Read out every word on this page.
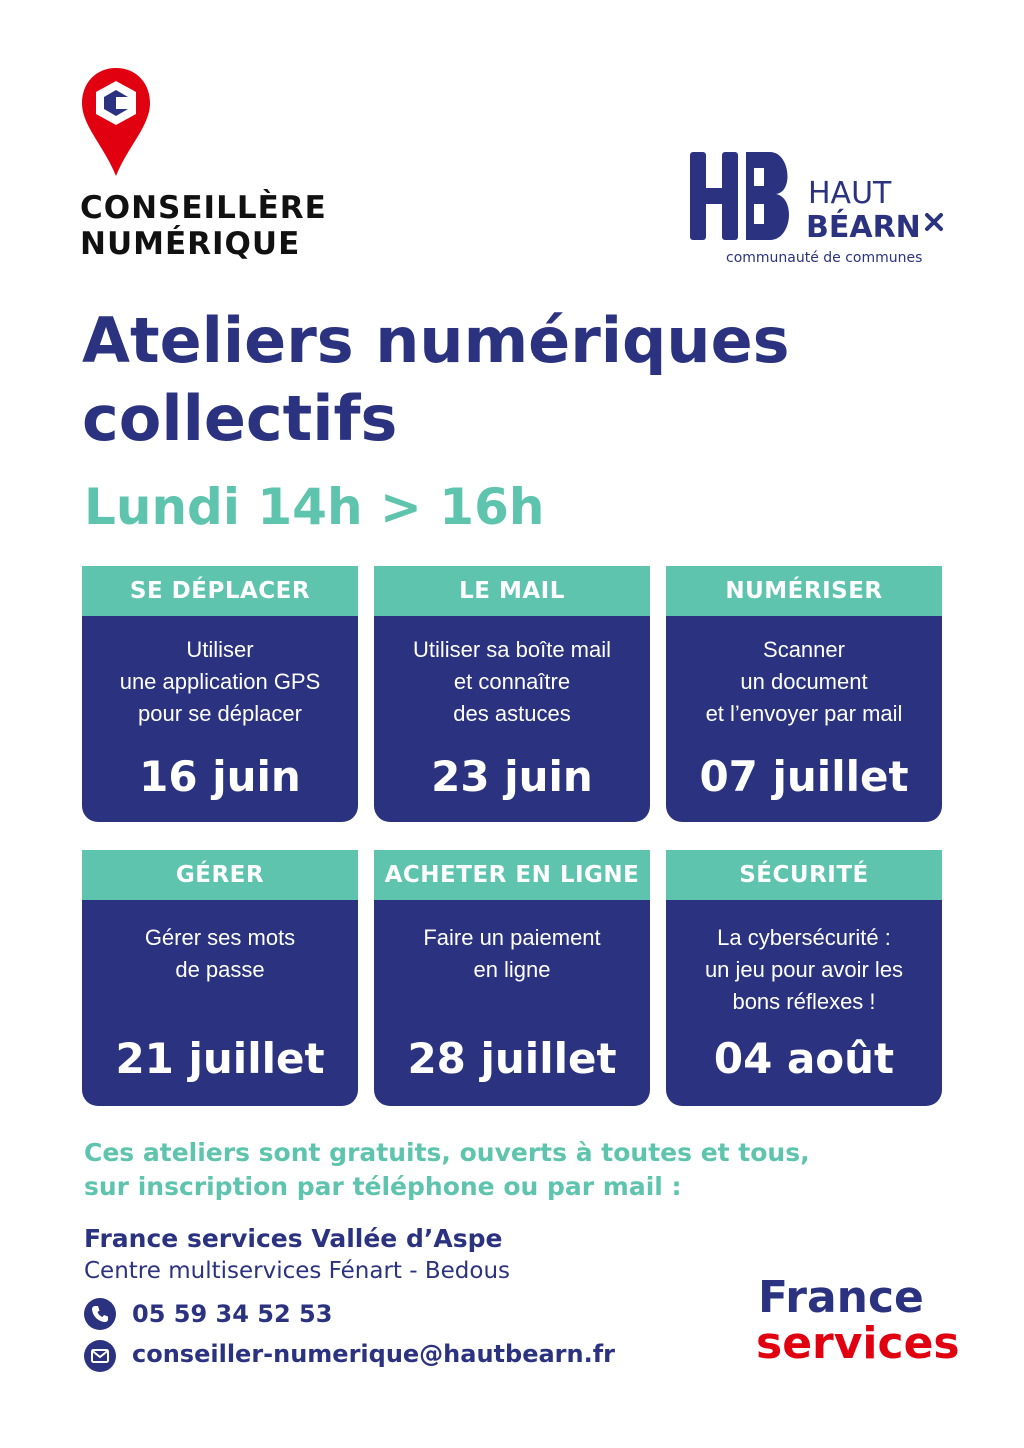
CONSEILLÈRE
NUMÉRIQUE
HAUT
BÉARN
communauté de communes
Ateliers numériques
collectifs
Lundi 14h > 16h
SE DÉPLACER
Utiliser
une application GPS
pour se déplacer
16 juin
LE MAIL
Utiliser sa boîte mail
et connaître
des astuces
23 juin
NUMÉRISER
Scanner
un document
et l’envoyer par mail
07 juillet
GÉRER
Gérer ses mots
de passe
21 juillet
ACHETER EN LIGNE
Faire un paiement
en ligne
28 juillet
SÉCURITÉ
La cybersécurité :
un jeu pour avoir les
bons réflexes !
04 août
Ces ateliers sont gratuits, ouverts à toutes et tous,
sur inscription par téléphone ou par mail :
France services Vallée d’Aspe
Centre multiservices Fénart - Bedous
05 59 34 52 53
conseiller-numerique@hautbearn.fr
France
services
